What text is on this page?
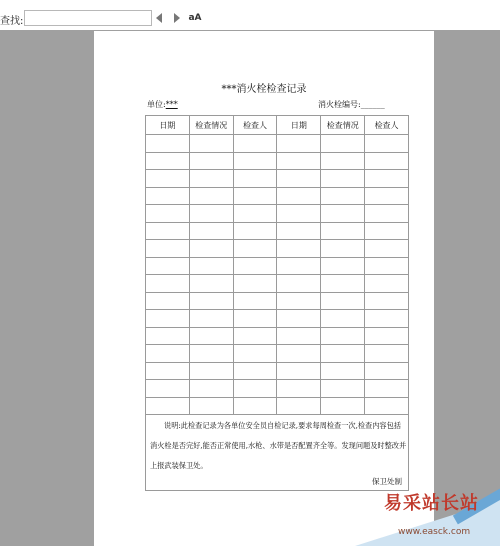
查找:	aA
***消火栓检查记录
单位:***	消火栓编号:______
日期	检查情况	检查人	日期	检查情况	检查人

说明:此检查记录为各单位安全员自检记录,要求每周检查一次,检查内容包括消火栓是否完好,能否正常使用,水枪、水带是否配置齐全等。发现问题及时整改并上报武装保卫处。
保卫处制
易采站长站
www.easck.com
